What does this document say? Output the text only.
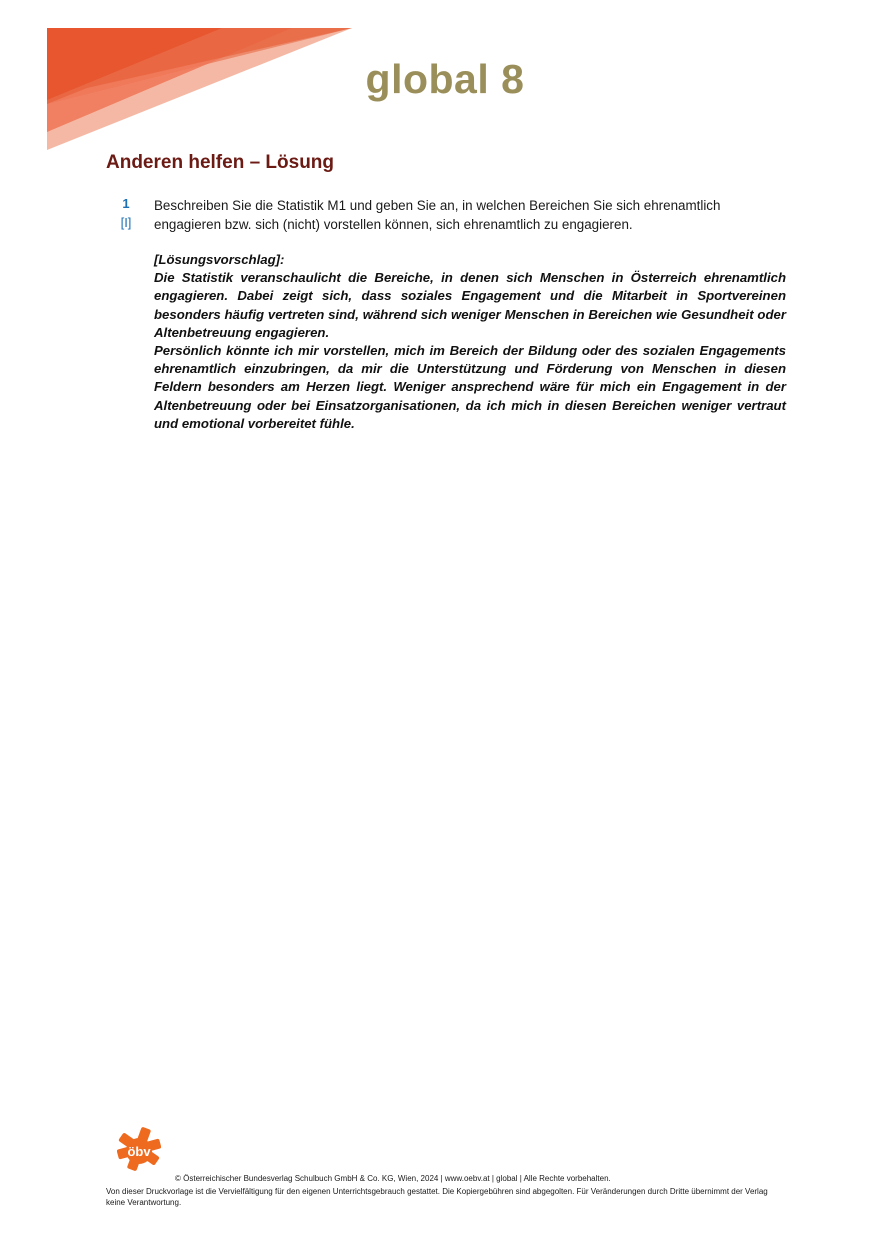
global 8
Anderen helfen – Lösung
1
[I]
Beschreiben Sie die Statistik M1 und geben Sie an, in welchen Bereichen Sie sich ehrenamtlich engagieren bzw. sich (nicht) vorstellen können, sich ehrenamtlich zu engagieren.
[Lösungsvorschlag]:

Die Statistik veranschaulicht die Bereiche, in denen sich Menschen in Österreich ehrenamtlich engagieren. Dabei zeigt sich, dass soziales Engagement und die Mitarbeit in Sportvereinen besonders häufig vertreten sind, während sich weniger Menschen in Bereichen wie Gesundheit oder Altenbetreuung engagieren.

Persönlich könnte ich mir vorstellen, mich im Bereich der Bildung oder des sozialen Engagements ehrenamtlich einzubringen, da mir die Unterstützung und Förderung von Menschen in diesen Feldern besonders am Herzen liegt. Weniger ansprechend wäre für mich ein Engagement in der Altenbetreuung oder bei Einsatzorganisationen, da ich mich in diesen Bereichen weniger vertraut und emotional vorbereitet fühle.

öbv
© Österreichischer Bundesverlag Schulbuch GmbH & Co. KG, Wien, 2024 | www.oebv.at | global | Alle Rechte vorbehalten.
Von dieser Druckvorlage ist die Vervielfältigung für den eigenen Unterrichtsgebrauch gestattet. Die Kopiergebühren sind abgegolten. Für Veränderungen durch Dritte übernimmt der Verlag keine Verantwortung.
